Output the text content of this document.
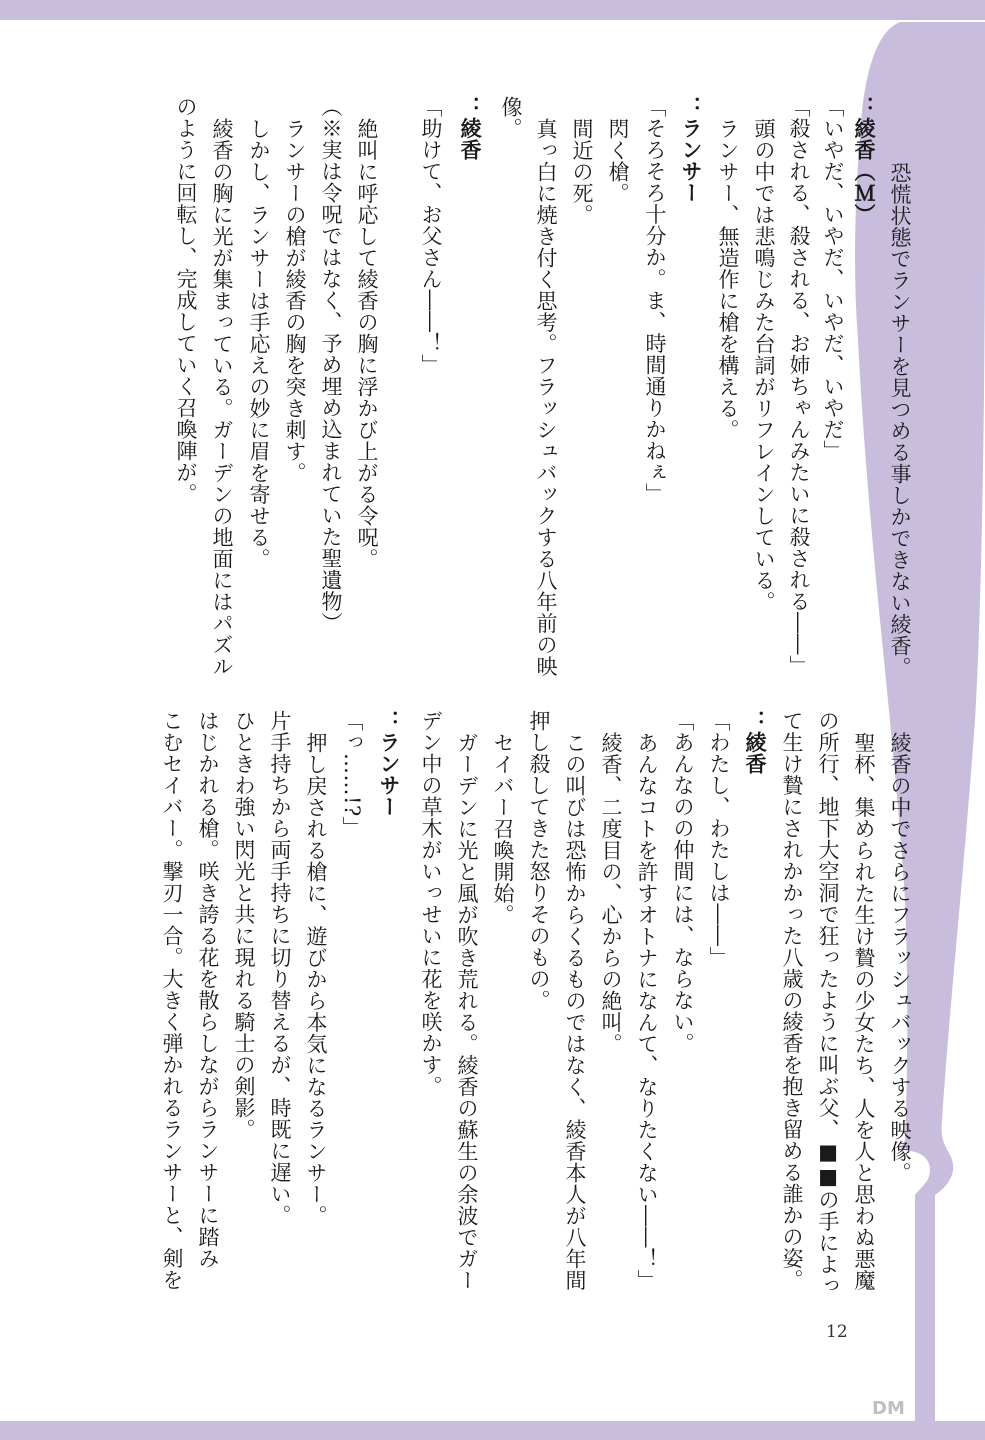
恐慌状態でランサーを見つめる事しかできない綾香。
：綾香（Ｍ）
「いやだ、いやだ、いやだ、いやだ」
「殺される、殺される、お姉ちゃんみたいに殺される――」
頭の中では悲鳴じみた台詞がリフレインしている。
ランサー、無造作に槍を構える。
：ランサー
「そろそろ十分か。ま、時間通りかねぇ」
閃く槍。
間近の死。
真っ白に焼き付く思考。フラッシュバックする八年前の映
像。
：綾香
「助けて、お父さん――！」
絶叫に呼応して綾香の胸に浮かび上がる令呪。
（※実は令呪ではなく、予め埋め込まれていた聖遺物）
ランサーの槍が綾香の胸を突き刺す。
しかし、ランサーは手応えの妙に眉を寄せる。
綾香の胸に光が集まっている。ガーデンの地面にはパズル
のように回転し、完成していく召喚陣が。
綾香の中でさらにフラッシュバックする映像。
聖杯、集められた生け贄の少女たち、人を人と思わぬ悪魔
の所行、地下大空洞で狂ったように叫ぶ父、■■の手によっ
て生け贄にされかかった八歳の綾香を抱き留める誰かの姿。
：綾香
「わたし、わたしは――」
「あんなのの仲間には、ならない。
あんなコトを許すオトナになんて、なりたくない――！」
綾香、二度目の、心からの絶叫。
この叫びは恐怖からくるものではなく、綾香本人が八年間
押し殺してきた怒りそのもの。
セイバー召喚開始。
ガーデンに光と風が吹き荒れる。綾香の蘇生の余波でガー
デン中の草木がいっせいに花を咲かす。
：ランサー
「っ……!?」
押し戻される槍に、遊びから本気になるランサー。
片手持ちから両手持ちに切り替えるが、時既に遅い。
ひときわ強い閃光と共に現れる騎士の剣影。
はじかれる槍。咲き誇る花を散らしながらランサーに踏み
こむセイバー。撃刃一合。大きく弾かれるランサーと、剣を
12
DM
